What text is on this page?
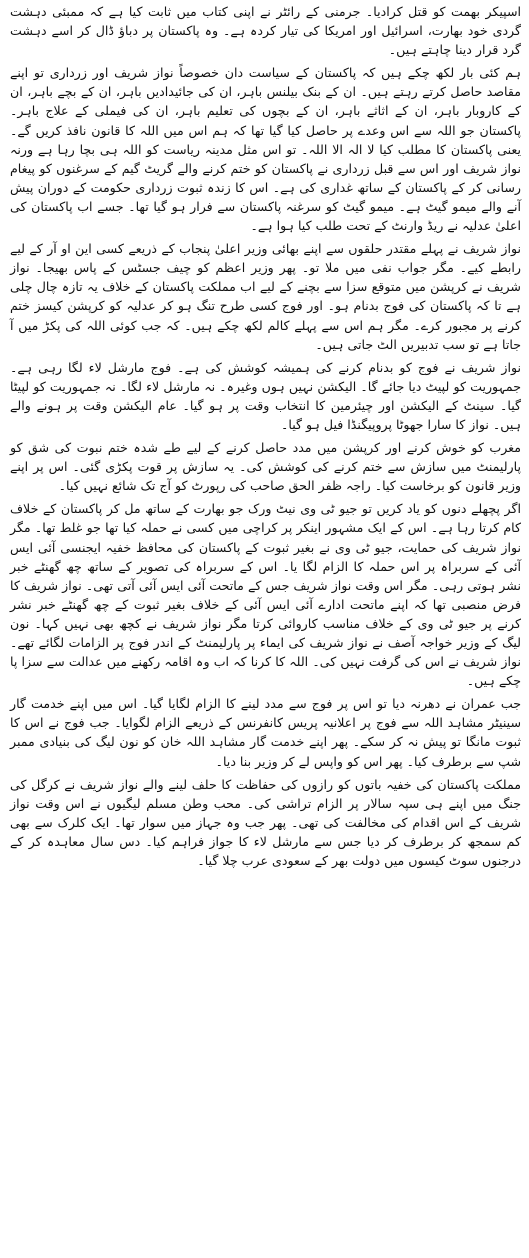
اسپیکر بھمت کو قتل کرادیا۔ جرمنی کے رائٹر نے اپنی کتاب میں ثابت کیا ہے کہ ممبئی دہشت گردی خود بھارت، اسرائیل اور امریکا کی تیار کردہ ہے۔ وہ پاکستان پر دباؤ ڈال کر اسے دہشت گرد قرار دینا چاہتے ہیں۔

ہم کئی بار لکھ چکے ہیں کہ پاکستان کے سیاست دان خصوصاً نواز شریف اور زرداری تو اپنے مقاصد حاصل کرتے رہتے ہیں۔ ان کے بنک بیلنس باہر، ان کی جائیدادیں باہر، ان کے بچے باہر، ان کے کاروبار باہر، ان کے اثاثے باہر، ان کے بچوں کی تعلیم باہر، ان کی فیملی کے علاج باہر۔ پاکستان جو اللہ سے اس وعدے پر حاصل کیا گیا تھا کہ ہم اس میں اللہ کا قانون نافذ کریں گے۔ یعنی پاکستان کا مطلب کیا لا الہ الا اللہ۔ تو اس مثل مدینہ ریاست کو اللہ ہی بچا رہا ہے ورنہ نواز شریف اور اس سے قبل زرداری نے پاکستان کو ختم کرنے والے گریٹ گیم کے سرغنوں کو پیغام رسانی کر کے پاکستان کے ساتھ غداری کی ہے۔ اس کا زندہ ثبوت زرداری حکومت کے دوران پیش آنے والے میمو گیٹ ہے۔ میمو گیٹ کو سرغنہ پاکستان سے فرار ہو گیا تھا۔ جسے اب پاکستان کی اعلیٰ عدلیہ نے ریڈ وارنٹ کے تحت طلب کیا ہوا ہے۔

نواز شریف نے پہلے مقتدر حلقوں سے اپنے بھائی وزیر اعلیٰ پنجاب کے ذریعے کسی این او آر کے لیے رابطے کیے۔ مگر جواب نفی میں ملا تو۔ پھر وزیر اعظم کو چیف جسٹس کے پاس بھیجا۔ نواز شریف نے کرپشن میں متوقع سزا سے بچنے کے لیے اب مملکت پاکستان کے خلاف یہ تازہ چال چلی ہے تا کہ پاکستان کی فوج بدنام ہو۔ اور فوج کسی طرح تنگ ہو کر عدلیہ کو کرپشن کیسز ختم کرنے پر مجبور کرے۔ مگر ہم اس سے پہلے کالم لکھ چکے ہیں۔ کہ جب کوئی اللہ کی پکڑ میں آ جاتا ہے تو سب تدبیریں الٹ جاتی ہیں۔

نواز شریف نے فوج کو بدنام کرنے کی ہمیشہ کوشش کی ہے۔ فوج مارشل لاء لگا رہی ہے۔ جمہوریت کو لپیٹ دیا جائے گا۔ الیکشن نہیں ہوں وغیرہ۔ نہ مارشل لاء لگا۔ نہ جمہوریت کو لپیٹا گیا۔ سینٹ کے الیکشن اور چیئرمین کا انتخاب وقت پر ہو گیا۔ عام الیکشن وقت پر ہونے والے ہیں۔ نواز کا سارا جھوٹا پروپیگنڈا فیل ہو گیا۔

مغرب کو خوش کرنے اور کرپشن میں مدد حاصل کرنے کے لیے طے شدہ ختم نبوت کی شق کو پارلیمنٹ میں سازش سے ختم کرنے کی کوشش کی۔ یہ سازش پر قوت پکڑی گئی۔ اس پر اپنے وزیر قانون کو برخاست کیا۔ راجہ ظفر الحق صاحب کی رپورٹ کو آج تک شائع نہیں کیا۔

اگر پچھلے دنوں کو یاد کریں تو جیو ٹی وی نیٹ ورک جو بھارت کے ساتھ مل کر پاکستان کے خلاف کام کرتا رہا ہے۔ اس کے ایک مشہور اینکر پر کراچی میں کسی نے حملہ کیا تھا جو غلط تھا۔ مگر نواز شریف کی حمایت، جیو ٹی وی نے بغیر ثبوت کے پاکستان کی محافظ خفیہ ایجنسی آئی ایس آئی کے سربراہ پر اس حملہ کا الزام لگا یا۔ اس کے سربراہ کی تصویر کے ساتھ چھ گھنٹے خبر نشر ہوتی رہی۔ مگر اس وقت نواز شریف جس کے ماتحت آئی ایس آئی آتی تھی۔ نواز شریف کا فرض منصبی تھا کہ اپنے ماتحت ادارے آئی ایس آئی کے خلاف بغیر ثبوت کے چھ گھنٹے خبر نشر کرنے پر جیو ٹی وی کے خلاف مناسب کاروائی کرتا مگر نواز شریف نے کچھ بھی نہیں کہا۔ نون لیگ کے وزیر خواجہ آصف نے نواز شریف کی ایماء پر پارلیمنٹ کے اندر فوج پر الزامات لگائے تھے۔ نواز شریف نے اس کی گرفت نہیں کی۔ اللہ کا کرنا کہ اب وہ اقامہ رکھنے میں عدالت سے سزا پا چکے ہیں۔

جب عمران نے دھرنہ دیا تو اس پر فوج سے مدد لینے کا الزام لگایا گیا۔ اس میں اپنے خدمت گار سینیٹر مشاہد اللہ سے فوج پر اعلانیہ پریس کانفرنس کے ذریعے الزام لگوایا۔ جب فوج نے اس کا ثبوت مانگا تو پیش نہ کر سکے۔ پھر اپنے خدمت گار مشاہد اللہ خان کو نون لیگ کی بنیادی ممبر شپ سے برطرف کیا۔ پھر اس کو واپس لے کر وزیر بنا دیا۔

مملکت پاکستان کی خفیہ باتوں کو رازوں کی حفاظت کا حلف لینے والے نواز شریف نے کرگل کی جنگ میں اپنے ہی سپہ سالار پر الزام تراشی کی۔ محب وطن مسلم لیگیوں نے اس وقت نواز شریف کے اس اقدام کی مخالفت کی تھی۔ پھر جب وہ جہاز میں سوار تھا۔ ایک کلرک سے بھی کم سمجھ کر برطرف کر دیا جس سے مارشل لاء کا جواز فراہم کیا۔ دس سال معاہدہ کر کے درجنوں سوٹ کیسوں میں دولت بھر کے سعودی عرب چلا گیا۔
